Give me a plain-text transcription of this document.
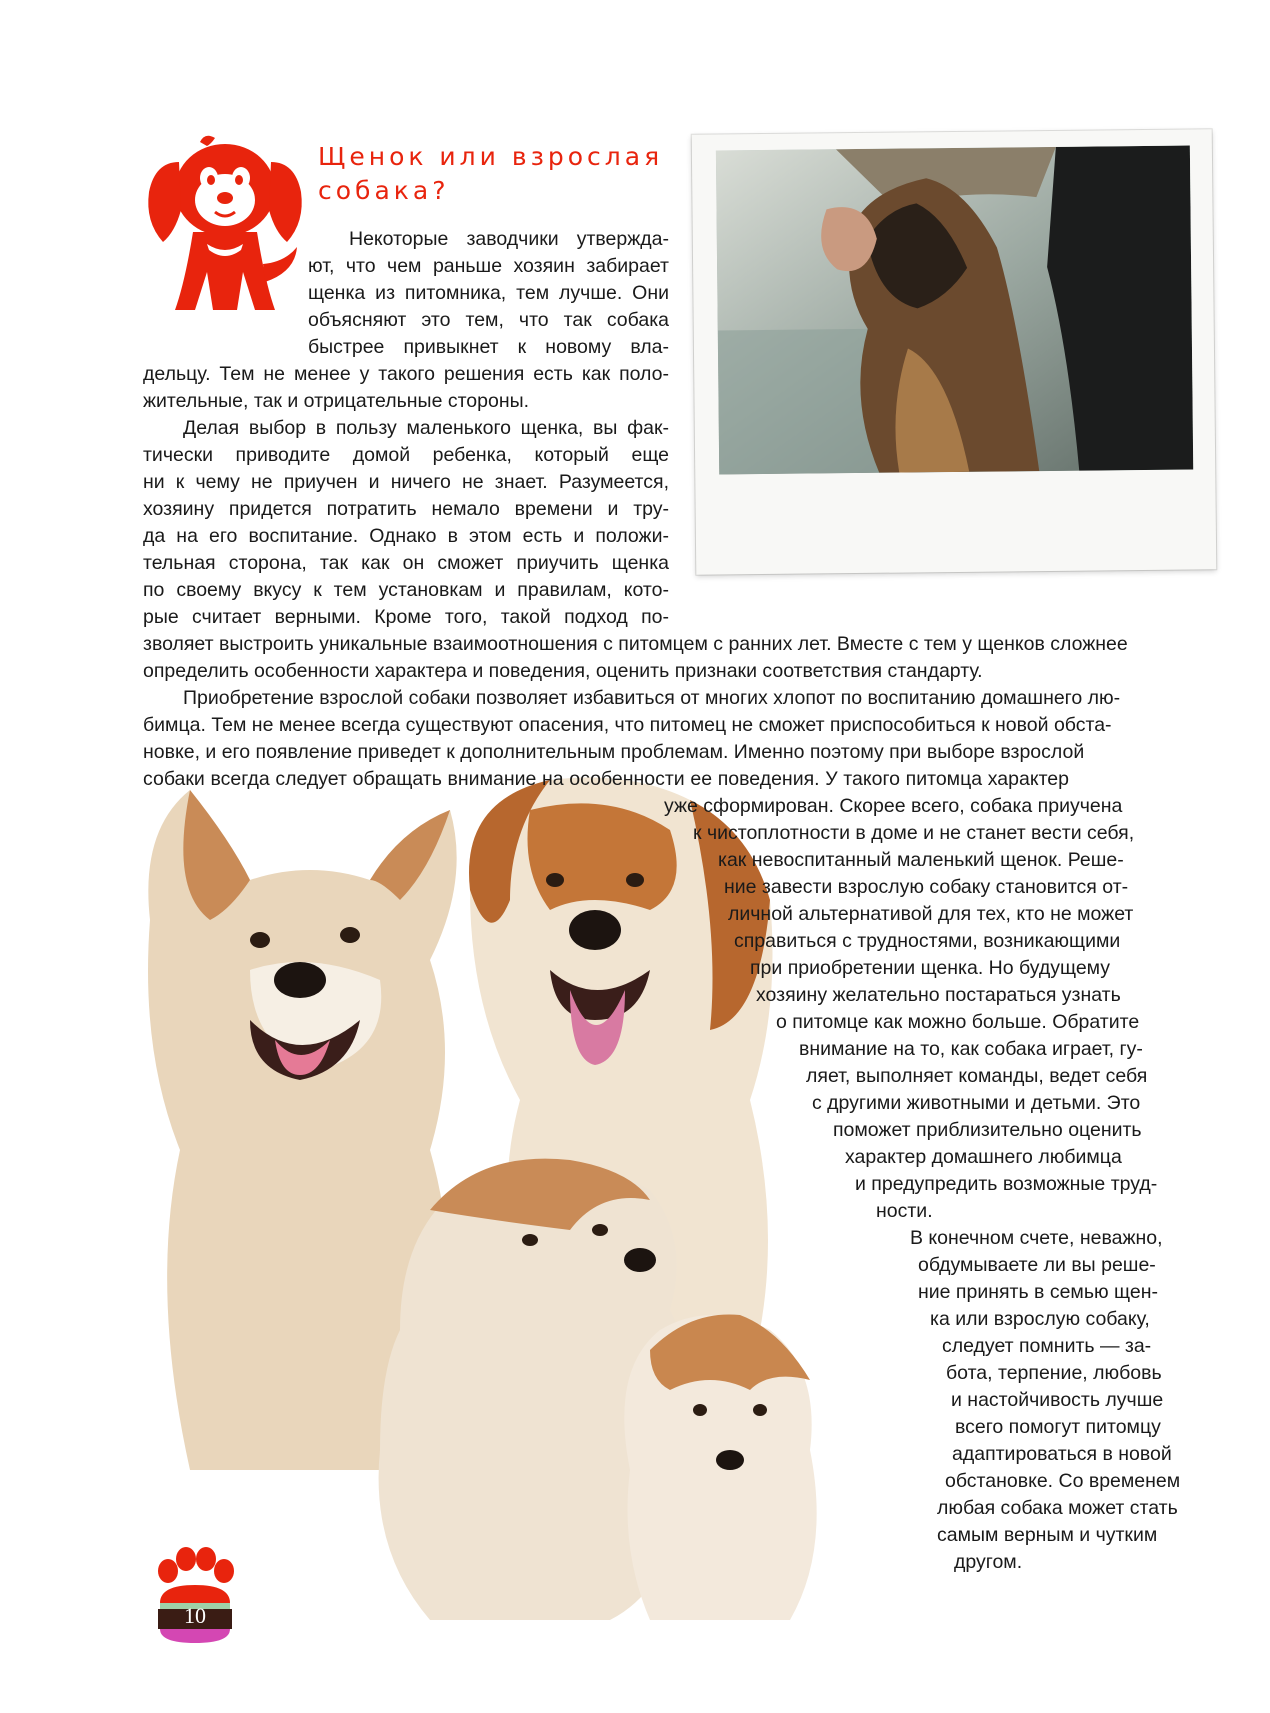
Щенок или взрослая
собака?
Некоторые заводчики утвержда-
ют, что чем раньше хозяин забирает
щенка из питомника, тем лучше. Они
объясняют это тем, что так собака
быстрее привыкнет к новому вла-
дельцу. Тем не менее у такого решения есть как поло-
жительные, так и отрицательные стороны.
Делая выбор в пользу маленького щенка, вы фак-
тически приводите домой ребенка, который еще
ни к чему не приучен и ничего не знает. Разумеется,
хозяину придется потратить немало времени и тру-
да на его воспитание. Однако в этом есть и положи-
тельная сторона, так как он сможет приучить щенка
по своему вкусу к тем установкам и правилам, кото-
рые считает верными. Кроме того, такой подход по-
зволяет выстроить уникальные взаимоотношения с питомцем с ранних лет. Вместе с тем у щенков сложнее
определить особенности характера и поведения, оценить признаки соответствия стандарту.
Приобретение взрослой собаки позволяет избавиться от многих хлопот по воспитанию домашнего лю-
бимца. Тем не менее всегда существуют опасения, что питомец не сможет приспособиться к новой обста-
новке, и его появление приведет к дополнительным проблемам. Именно поэтому при выборе взрослой
собаки всегда следует обращать внимание на особенности ее поведения. У такого питомца характер
уже сформирован. Скорее всего, собака приучена
к чистоплотности в доме и не станет вести себя,
как невоспитанный маленький щенок. Реше-
ние завести взрослую собаку становится от-
личной альтернативой для тех, кто не может
справиться с трудностями, возникающими
при приобретении щенка. Но будущему
хозяину желательно постараться узнать
о питомце как можно больше. Обратите
внимание на то, как собака играет, гу-
ляет, выполняет команды, ведет себя
с другими животными и детьми. Это
поможет приблизительно оценить
характер домашнего любимца
и предупредить возможные труд-
ности.
В конечном счете, неважно,
обдумываете ли вы реше-
ние принять в семью щен-
ка или взрослую собаку,
следует помнить — за-
бота, терпение, любовь
и настойчивость лучше
всего помогут питомцу
адаптироваться в новой
обстановке. Со временем
любая собака может стать
самым верным и чутким
другом.
10
